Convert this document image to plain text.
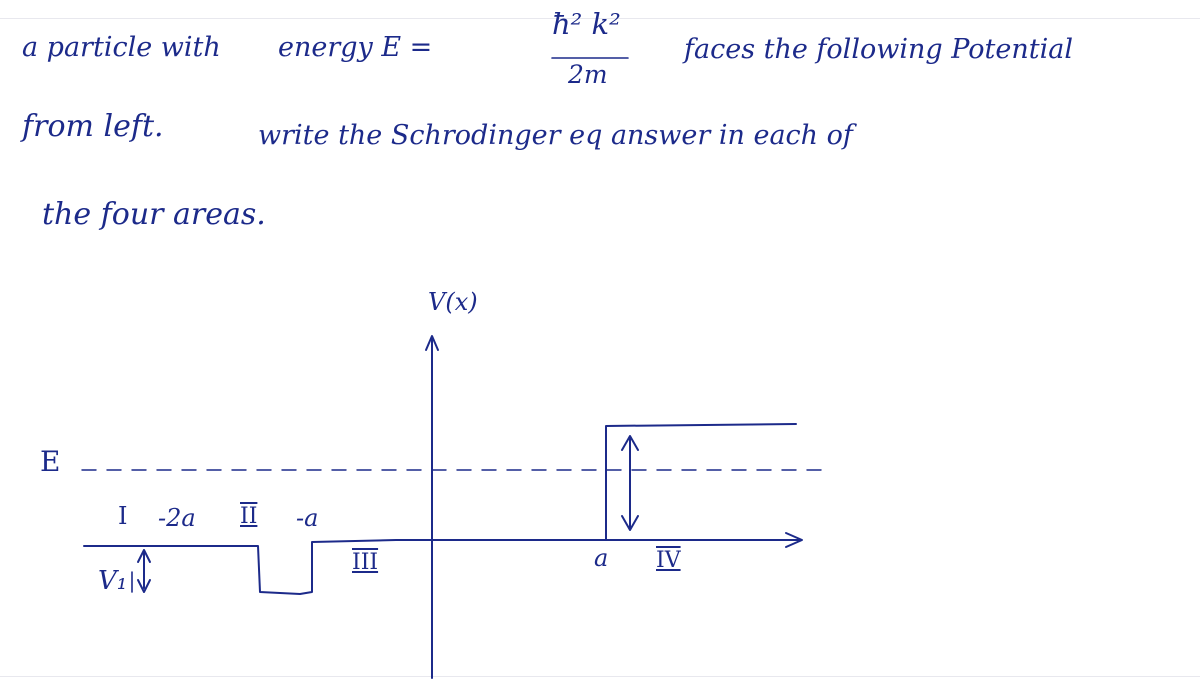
a particle with energy E =
ħ² k²
2m
faces the following Potential
from left.	write the Schrodinger eq answer in each of
the four areas.
V(x)
E
I -2a II -a
III	a IV
V₁
